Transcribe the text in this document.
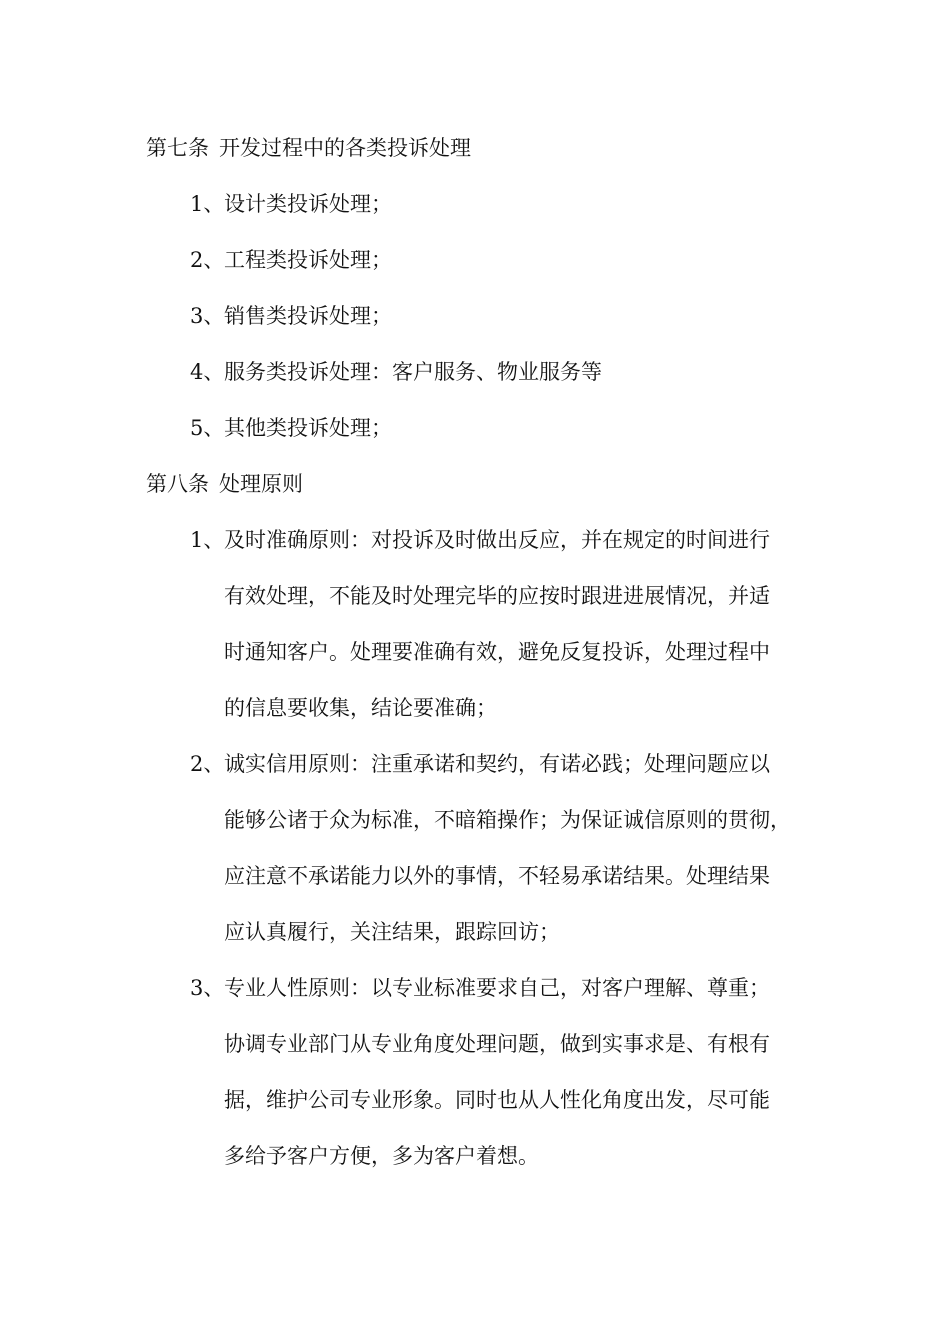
第七条 开发过程中的各类投诉处理
1、 设计类投诉处理；
2、 工程类投诉处理；
3、 销售类投诉处理；
4、 服务类投诉处理：客户服务、物业服务等
5、 其他类投诉处理；
第八条 处理原则
1、 及时准确原则：对投诉及时做出反应，并在规定的时间进行
有效处理，不能及时处理完毕的应按时跟进进展情况，并适
时通知客户。处理要准确有效，避免反复投诉，处理过程中
的信息要收集，结论要准确；
2、 诚实信用原则：注重承诺和契约，有诺必践；处理问题应以
能够公诸于众为标准，不暗箱操作；为保证诚信原则的贯彻，
应注意不承诺能力以外的事情，不轻易承诺结果。处理结果
应认真履行，关注结果，跟踪回访；
3、 专业人性原则：以专业标准要求自己，对客户理解、尊重；
协调专业部门从专业角度处理问题，做到实事求是、有根有
据，维护公司专业形象。同时也从人性化角度出发，尽可能
多给予客户方便，多为客户着想。
